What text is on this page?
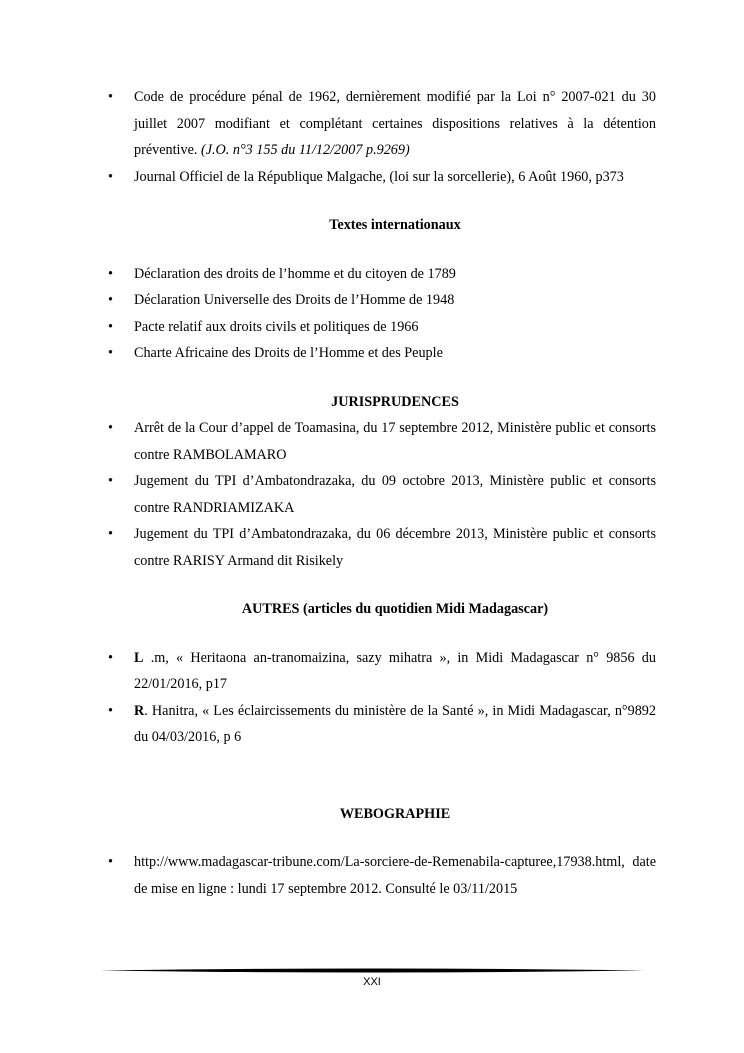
•	Code de procédure pénal de 1962, dernièrement modifié par la Loi n° 2007-021 du 30 juillet 2007 modifiant et complétant certaines dispositions relatives à la détention préventive. (J.O. n°3 155 du 11/12/2007 p.9269)
•	Journal Officiel de la République Malgache, (loi sur la sorcellerie), 6 Août 1960, p373

Textes internationaux

•	Déclaration des droits de l’homme et du citoyen de 1789
•	Déclaration Universelle des Droits de l’Homme de 1948
•	Pacte relatif aux droits civils et politiques de 1966
•	Charte Africaine des Droits de l’Homme et des Peuple

JURISPRUDENCES

•	Arrêt de la Cour d’appel de Toamasina, du 17 septembre 2012, Ministère public et consorts contre RAMBOLAMARO
•	Jugement du TPI d’Ambatondrazaka, du 09 octobre 2013, Ministère public et consorts contre RANDRIAMIZAKA
•	Jugement du TPI d’Ambatondrazaka, du 06 décembre 2013, Ministère public et consorts contre RARISY Armand dit Risikely

AUTRES (articles du quotidien Midi Madagascar)

•	L .m, « Heritaona an-tranomaizina, sazy mihatra », in Midi Madagascar n° 9856 du 22/01/2016, p17
•	R. Hanitra, « Les éclaircissements du ministère de la Santé », in Midi Madagascar, n°9892 du 04/03/2016, p 6

WEBOGRAPHIE

•	http://www.madagascar-tribune.com/La-sorciere-de-Remenabila-capturee,17938.html, date de mise en ligne : lundi 17 septembre 2012. Consulté le 03/11/2015
XXI
